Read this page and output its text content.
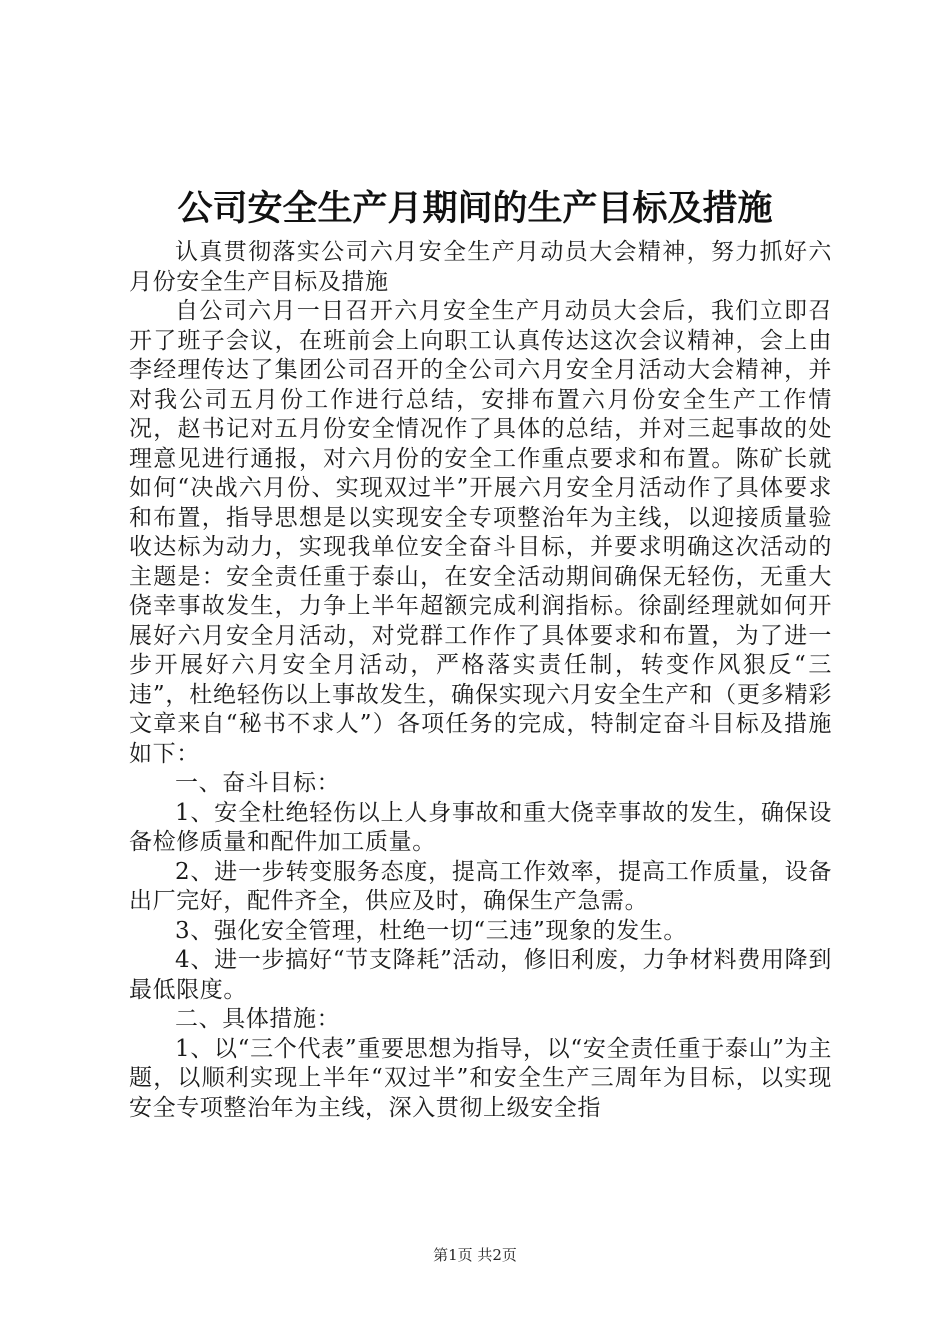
公司安全生产月期间的生产目标及措施

认真贯彻落实公司六月安全生产月动员大会精神，努力抓好六月份安全生产目标及措施

自公司六月一日召开六月安全生产月动员大会后，我们立即召开了班子会议，在班前会上向职工认真传达这次会议精神，会上由李经理传达了集团公司召开的全公司六月安全月活动大会精神，并对我公司五月份工作进行总结，安排布置六月份安全生产工作情况，赵书记对五月份安全情况作了具体的总结，并对三起事故的处理意见进行通报，对六月份的安全工作重点要求和布置。陈矿长就如何“决战六月份、实现双过半”开展六月安全月活动作了具体要求和布置，指导思想是以实现安全专项整治年为主线，以迎接质量验收达标为动力，实现我单位安全奋斗目标，并要求明确这次活动的主题是：安全责任重于泰山，在安全活动期间确保无轻伤，无重大侥幸事故发生，力争上半年超额完成利润指标。徐副经理就如何开展好六月安全月活动，对党群工作作了具体要求和布置，为了进一步开展好六月安全月活动，严格落实责任制，转变作风狠反“三违”，杜绝轻伤以上事故发生，确保实现六月安全生产和（更多精彩文章来自“秘书不求人”）各项任务的完成，特制定奋斗目标及措施如下：

一、奋斗目标：

1、安全杜绝轻伤以上人身事故和重大侥幸事故的发生，确保设备检修质量和配件加工质量。

2、进一步转变服务态度，提高工作效率，提高工作质量，设备出厂完好，配件齐全，供应及时，确保生产急需。

3、强化安全管理，杜绝一切“三违”现象的发生。

4、进一步搞好“节支降耗”活动，修旧利废，力争材料费用降到最低限度。

二、具体措施：

1、以“三个代表”重要思想为指导，以“安全责任重于泰山”为主题，以顺利实现上半年“双过半”和安全生产三周年为目标，以实现安全专项整治年为主线，深入贯彻上级安全指

第1页 共2页
